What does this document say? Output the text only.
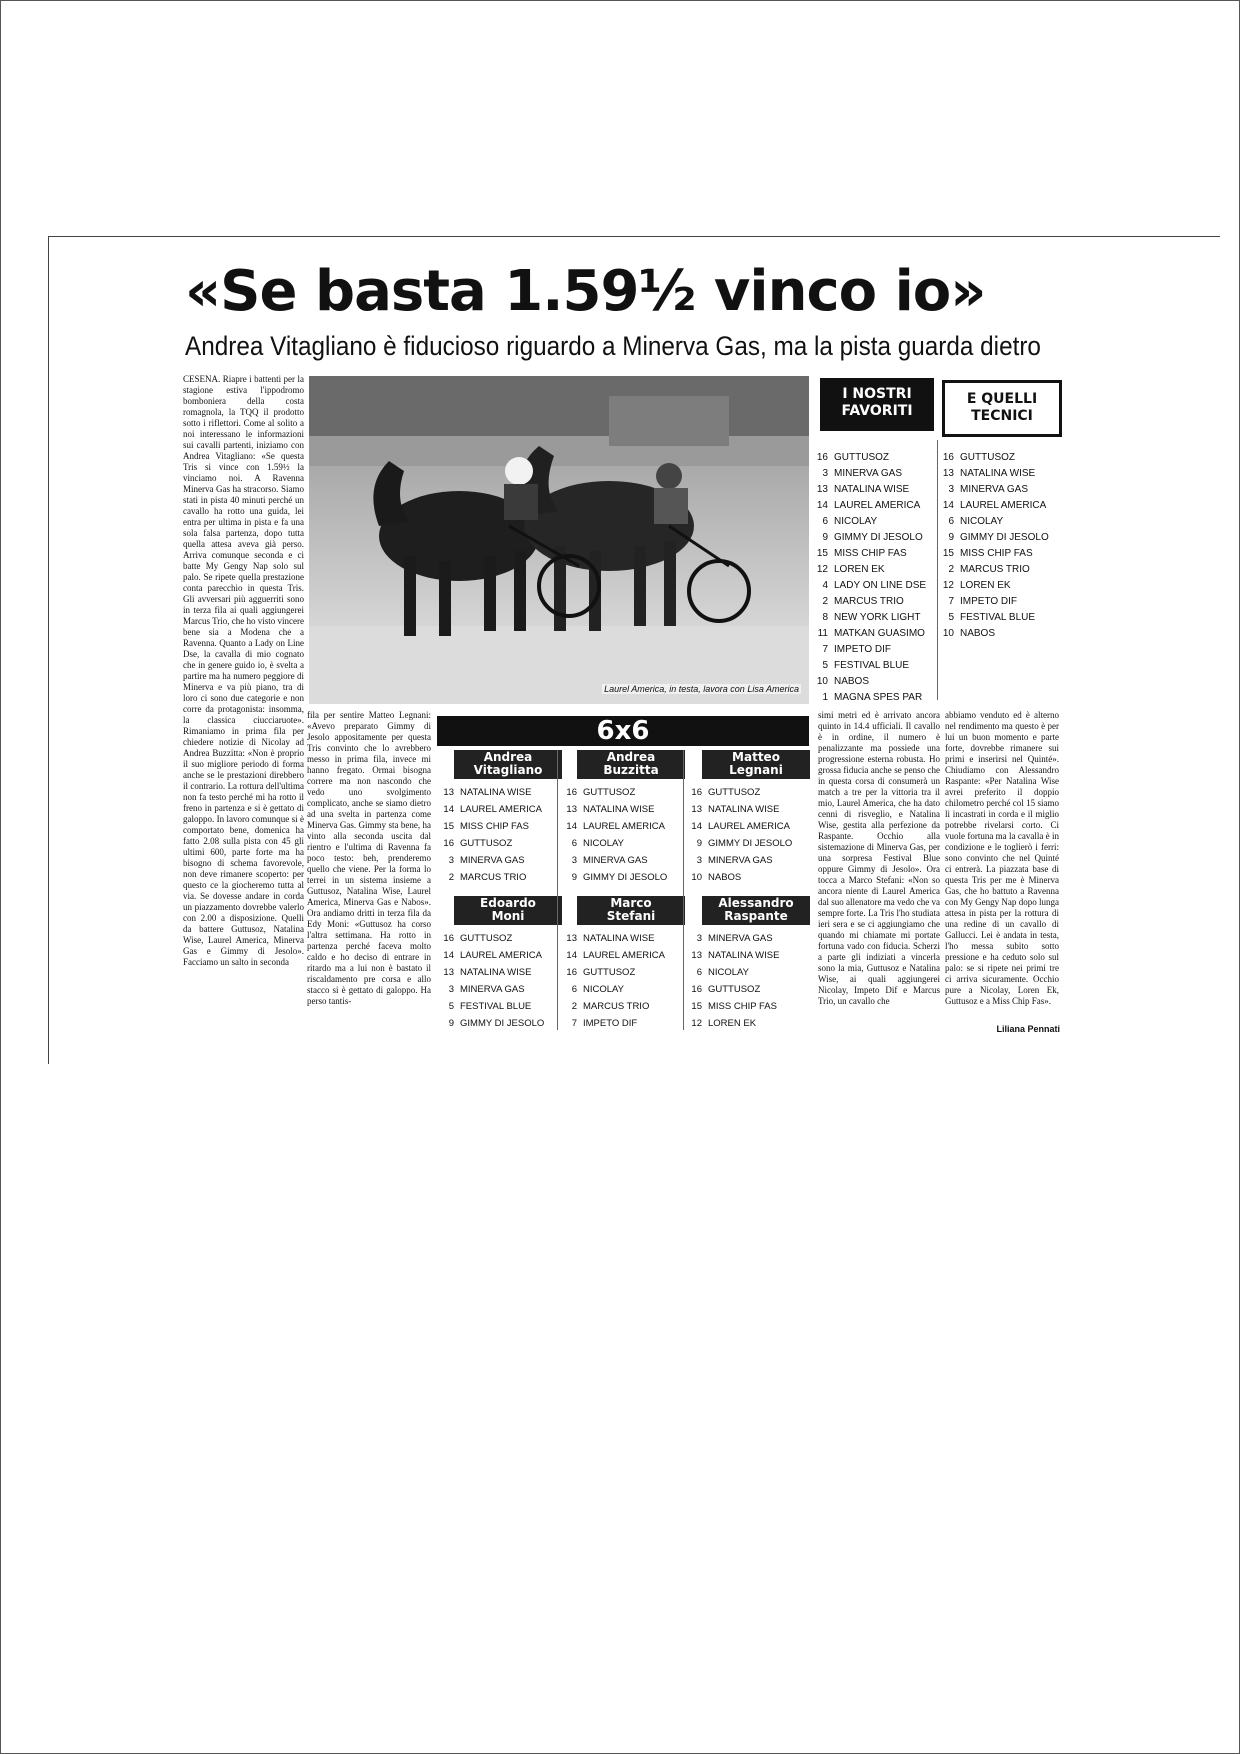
«Se basta 1.59½ vinco io»
Andrea Vitagliano è fiducioso riguardo a Minerva Gas, ma la pista guarda dietro
CESENA. Riapre i battenti per la stagione estiva l'ippodromo bomboniera della costa romagnola, la TQQ il prodotto sotto i riflettori. Come al solito a noi interessano le informazioni sui cavalli partenti, iniziamo con Andrea Vitagliano: «Se questa Tris si vince con 1.59½ la vinciamo noi. A Ravenna Minerva Gas ha stracorso. Siamo stati in pista 40 minuti perché un cavallo ha rotto una guida, lei entra per ultima in pista e fa una sola falsa partenza, dopo tutta quella attesa aveva già perso. Arriva comunque seconda e ci batte My Gengy Nap solo sul palo. Se ripete quella prestazione conta parecchio in questa Tris. Gli avversari più agguerriti sono in terza fila ai quali aggiungerei Marcus Trio, che ho visto vincere bene sia a Modena che a Ravenna. Quanto a Lady on Line Dse, la cavalla di mio cognato che in genere guido io, è svelta a partire ma ha numero peggiore di Minerva e va più piano, tra di loro ci sono due categorie e non corre da protagonista: insomma, la classica ciucciaruote». Rimaniamo in prima fila per chiedere notizie di Nicolay ad Andrea Buzzitta: «Non è proprio il suo migliore periodo di forma anche se le prestazioni direbbero il contrario. La rottura dell'ultima non fa testo perché mi ha rotto il freno in partenza e si è gettato di galoppo. In lavoro comunque si è comportato bene, domenica ha fatto 2.08 sulla pista con 45 gli ultimi 600, parte forte ma ha bisogno di schema favorevole, non deve rimanere scoperto: per questo ce la giocheremo tutta al via. Se dovesse andare in corda un piazzamento dovrebbe valerlo con 2.00 a disposizione. Quelli da battere Guttusoz, Natalina Wise, Laurel America, Minerva Gas e Gimmy di Jesolo». Facciamo un salto in seconda
fila per sentire Matteo Legnani: «Avevo preparato Gimmy di Jesolo appositamente per questa Tris convinto che lo avrebbero messo in prima fila, invece mi hanno fregato. Ormai bisogna correre ma non nascondo che vedo uno svolgimento complicato, anche se siamo dietro ad una svelta in partenza come Minerva Gas. Gimmy sta bene, ha vinto alla seconda uscita dal rientro e l'ultima di Ravenna fa poco testo: beh, prenderemo quello che viene. Per la forma lo terrei in un sistema insieme a Guttusoz, Natalina Wise, Laurel America, Minerva Gas e Nabos». Ora andiamo dritti in terza fila da Edy Moni: «Guttusoz ha corso l'altra settimana. Ha rotto in partenza perché faceva molto caldo e ho deciso di entrare in ritardo ma a lui non è bastato il riscaldamento pre corsa e allo stacco si è gettato di galoppo. Ha perso tantis-
simi metri ed è arrivato ancora quinto in 14.4 ufficiali. Il cavallo è in ordine, il numero è penalizzante ma possiede una progressione esterna robusta. Ho grossa fiducia anche se penso che in questa corsa di consumerà un match a tre per la vittoria tra il mio, Laurel America, che ha dato cenni di risveglio, e Natalina Wise, gestita alla perfezione da Raspante. Occhio alla sistemazione di Minerva Gas, per una sorpresa Festival Blue oppure Gimmy di Jesolo». Ora tocca a Marco Stefani: «Non so ancora niente di Laurel America dal suo allenatore ma vedo che va sempre forte. La Tris l'ho studiata ieri sera e se ci aggiungiamo che quando mi chiamate mi portate fortuna vado con fiducia. Scherzi a parte gli indiziati a vincerla sono la mia, Guttusoz e Natalina Wise, ai quali aggiungerei Nicolay, Impeto Dif e Marcus Trio, un cavallo che
abbiamo venduto ed è alterno nel rendimento ma questo è per lui un buon momento e parte forte, dovrebbe rimanere sui primi e inserirsi nel Quinté». Chiudiamo con Alessandro Raspante: «Per Natalina Wise avrei preferito il doppio chilometro perché col 15 siamo lì incastrati in corda e il miglio potrebbe rivelarsi corto. Ci vuole fortuna ma la cavalla è in condizione e le toglierò i ferri: sono convinto che nel Quinté ci entrerà. La piazzata base di questa Tris per me è Minerva Gas, che ho battuto a Ravenna con My Gengy Nap dopo lunga attesa in pista per la rottura di una redine di un cavallo di Gallucci. Lei è andata in testa, l'ho messa subito sotto pressione e ha ceduto solo sul palo: se si ripete nei primi tre ci arriva sicuramente. Occhio pure a Nicolay, Loren Ek, Guttusoz e a Miss Chip Fas».
Liliana Pennati
Laurel America, in testa, lavora con Lisa America
I NOSTRI FAVORITI
E QUELLI TECNICI
16 GUTTUSOZ
3 MINERVA GAS
13 NATALINA WISE
14 LAUREL AMERICA
6 NICOLAY
9 GIMMY DI JESOLO
15 MISS CHIP FAS
12 LOREN EK
4 LADY ON LINE DSE
2 MARCUS TRIO
8 NEW YORK LIGHT
11 MATKAN GUASIMO
7 IMPETO DIF
5 FESTIVAL BLUE
10 NABOS
1 MAGNA SPES PAR
16 GUTTUSOZ
13 NATALINA WISE
3 MINERVA GAS
14 LAUREL AMERICA
6 NICOLAY
9 GIMMY DI JESOLO
15 MISS CHIP FAS
2 MARCUS TRIO
12 LOREN EK
7 IMPETO DIF
5 FESTIVAL BLUE
10 NABOS
6x6
Andrea
Vitagliano
13 NATALINA WISE
14 LAUREL AMERICA
15 MISS CHIP FAS
16 GUTTUSOZ
3 MINERVA GAS
2 MARCUS TRIO
Andrea
Buzzitta
16 GUTTUSOZ
13 NATALINA WISE
14 LAUREL AMERICA
6 NICOLAY
3 MINERVA GAS
9 GIMMY DI JESOLO
Matteo
Legnani
16 GUTTUSOZ
13 NATALINA WISE
14 LAUREL AMERICA
9 GIMMY DI JESOLO
3 MINERVA GAS
10 NABOS
Edoardo
Moni
16 GUTTUSOZ
14 LAUREL AMERICA
13 NATALINA WISE
3 MINERVA GAS
5 FESTIVAL BLUE
9 GIMMY DI JESOLO
Marco
Stefani
13 NATALINA WISE
14 LAUREL AMERICA
16 GUTTUSOZ
6 NICOLAY
2 MARCUS TRIO
7 IMPETO DIF
Alessandro
Raspante
3 MINERVA GAS
13 NATALINA WISE
6 NICOLAY
16 GUTTUSOZ
15 MISS CHIP FAS
12 LOREN EK
